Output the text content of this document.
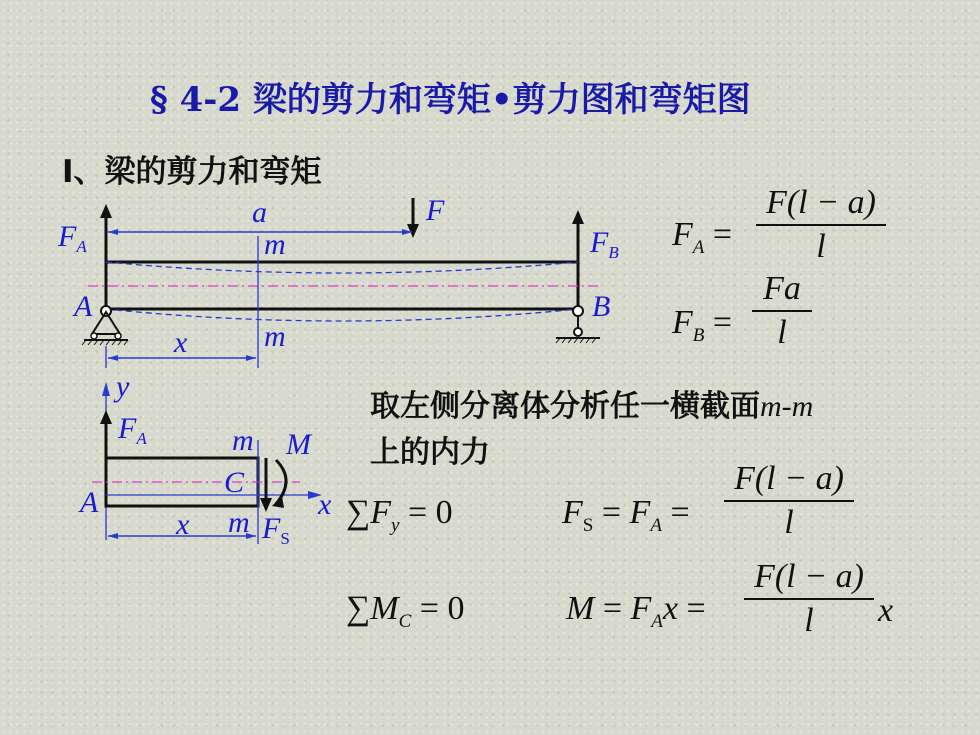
§ 4-2 梁的剪力和弯矩•剪力图和弯矩图
Ⅰ、梁的剪力和弯矩
$F_A$	$F_B$
F
a
m
m
A	B
x
y
$F_A$	m M
C
A	x
x m $F_S$
取左侧分离体分析任一横截面m-m
上的内力
$F_A$ =
F(l − a)
l
$F_B$ =
Fa
l
$\sum F_y = 0$	$F_S = F_A$ =
F(l − a)
l
$\sum M_C = 0$	$M = F_Ax$ =
F(l − a)
l	x
